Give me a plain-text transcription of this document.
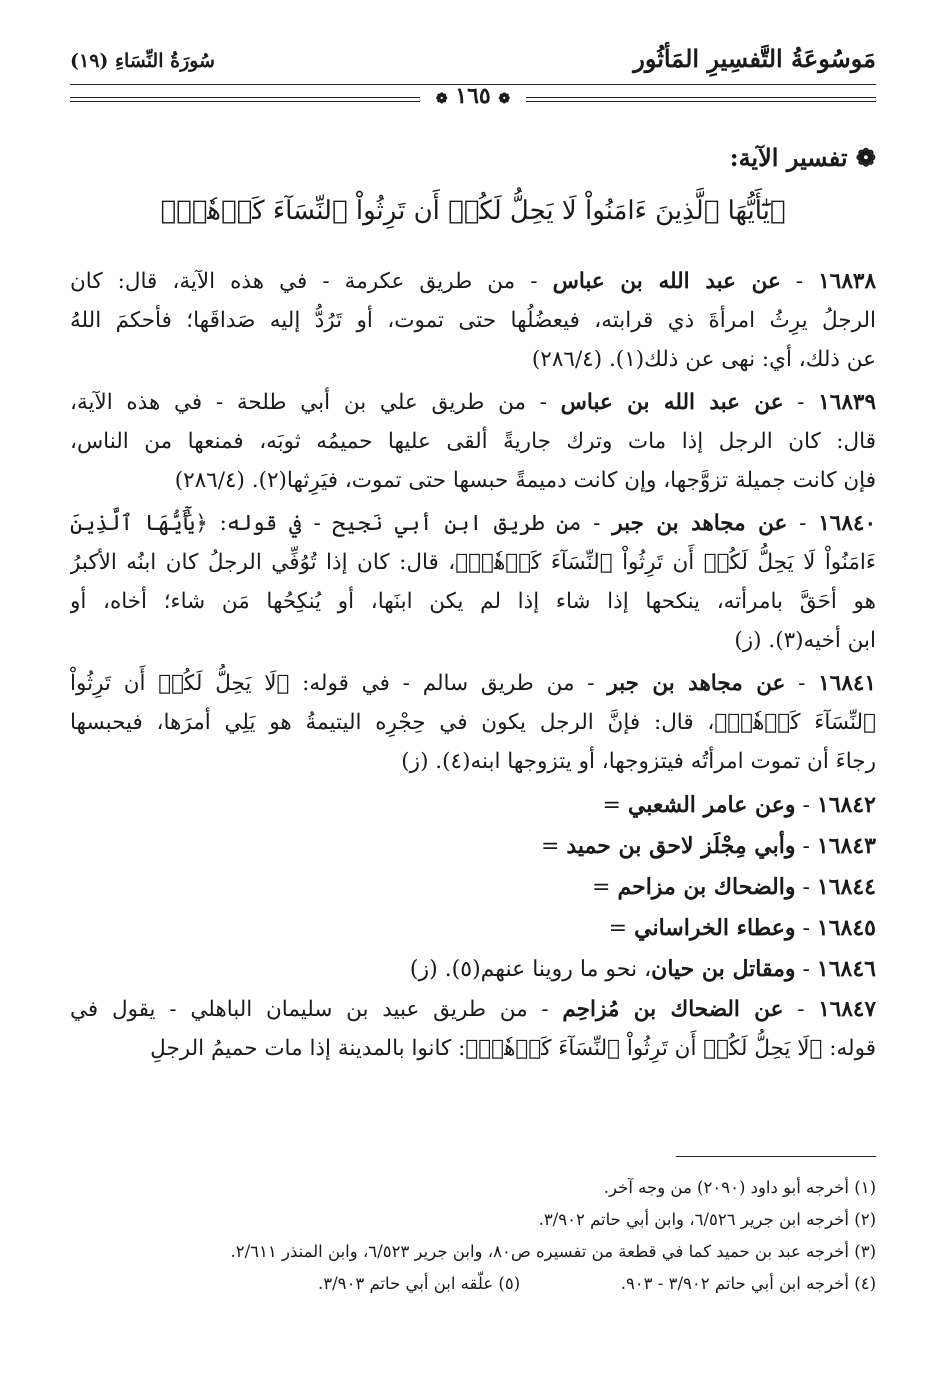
مَوسُوعَةُ التَّفسِيرِ المَأثُور
سُورَةُ النِّسَاءِ (١٩)
❁ ١٦٥ ❁
❁ تفسير الآية:
﴿يَٰٓأَيُّهَا ٱلَّذِينَ ءَامَنُواْ لَا يَحِلُّ لَكُمۡ أَن تَرِثُواْ ٱلنِّسَآءَ كَرۡهٗاۖ﴾
١٦٨٣٨ - عن عبد الله بن عباس - من طريق عكرمة - في هذه الآية، قال: كان
الرجلُ يرِثُ امرأةَ ذي قرابته، فيعضُلُها حتى تموت، أو تَرُدُّ إليه صَداقَها؛ فأحكمَ اللهُ
عن ذلك، أي: نهى عن ذلك(١). (٢٨٦/٤)
١٦٨٣٩ - عن عبد الله بن عباس - من طريق علي بن أبي طلحة - في هذه الآية،
قال: كان الرجل إذا مات وترك جاريةً ألقى عليها حميمُه ثوبَه، فمنعها من الناس،
فإن كانت جميلة تزوَّجها، وإن كانت دميمةً حبسها حتى تموت، فيَرِثها(٢). (٢٨٦/٤)
١٦٨٤٠ - عن مجاهد بن جبر - من طريق ابن أبي نَجيح - في قوله: ﴿يَٰٓأَيُّهَا ٱلَّذِينَ
ءَامَنُواْ لَا يَحِلُّ لَكُمۡ أَن تَرِثُواْ ٱلنِّسَآءَ كَرۡهٗاۖ﴾، قال: كان إذا تُوُفِّي الرجلُ كان ابنُه الأكبرُ
هو أحَقَّ بامرأته، ينكحها إذا شاء إذا لم يكن ابنَها، أو يُنكِحُها مَن شاء؛ أخاه، أو
ابن أخيه(٣). (ز)
١٦٨٤١ - عن مجاهد بن جبر - من طريق سالم - في قوله: ﴿لَا يَحِلُّ لَكُمۡ أَن تَرِثُواْ
ٱلنِّسَآءَ كَرۡهٗاۖ﴾، قال: فإنَّ الرجل يكون في حِجْرِه اليتيمةُ هو يَلِي أمرَها، فيحبسها
رجاءَ أن تموت امرأتُه فيتزوجها، أو يتزوجها ابنه(٤). (ز)
١٦٨٤٢ - وعن عامر الشعبي =
١٦٨٤٣ - وأبي مِجْلَز لاحق بن حميد =
١٦٨٤٤ - والضحاك بن مزاحم =
١٦٨٤٥ - وعطاء الخراساني =
١٦٨٤٦ - ومقاتل بن حيان، نحو ما روينا عنهم(٥). (ز)
١٦٨٤٧ - عن الضحاك بن مُزاحِم - من طريق عبيد بن سليمان الباهلي - يقول في
قوله: ﴿لَا يَحِلُّ لَكُمۡ أَن تَرِثُواْ ٱلنِّسَآءَ كَرۡهٗاۖ﴾: كانوا بالمدينة إذا مات حميمُ الرجلِ
(١) أخرجه أبو داود (٢٠٩٠) من وجه آخر.
(٢) أخرجه ابن جرير ٦/٥٢٦، وابن أبي حاتم ٣/٩٠٢.
(٣) أخرجه عبد بن حميد كما في قطعة من تفسيره ص٨٠، وابن جرير ٦/٥٢٣، وابن المنذر ٢/٦١١.
(٤) أخرجه ابن أبي حاتم ٣/٩٠٢ - ٩٠٣.  (٥) علّقه ابن أبي حاتم ٣/٩٠٣.
